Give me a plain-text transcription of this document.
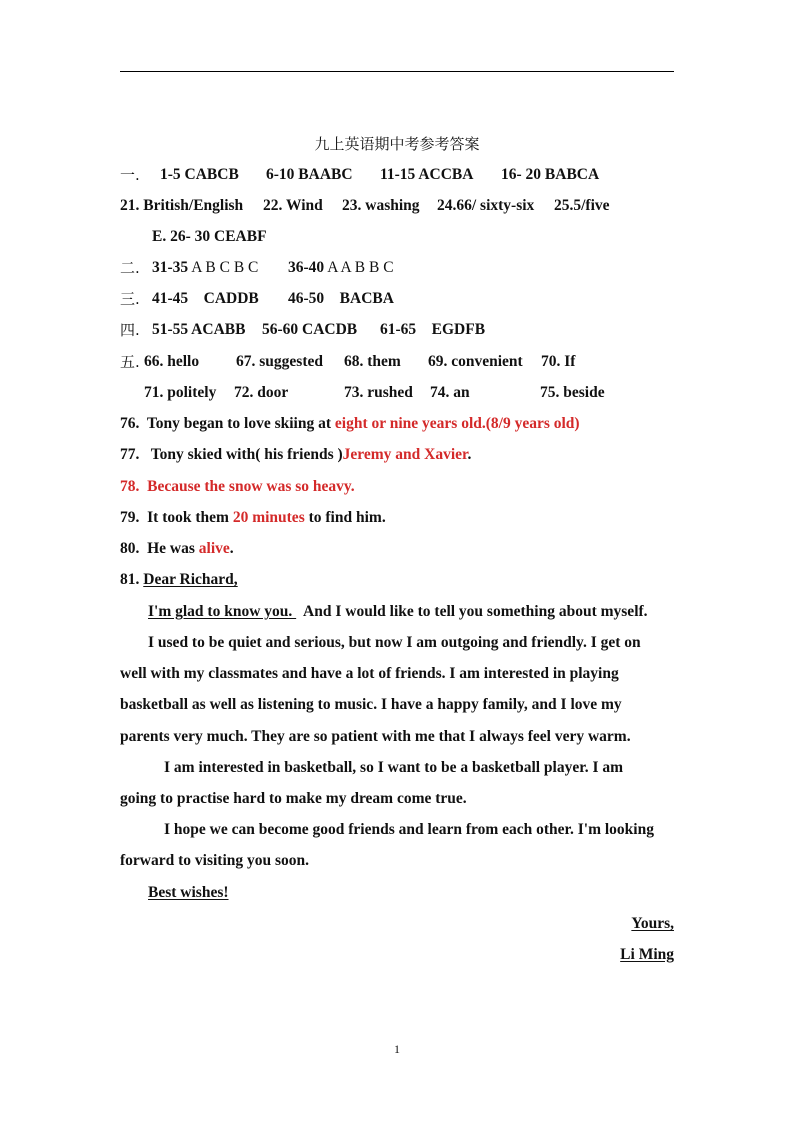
九上英语期中考参考答案
一. 1-5 CABCB 6-10 BAABC 11-15 ACCBA 16- 20 BABCA
21. British/English 22. Wind 23. washing 24.66/ sixty-six 25.5/five
E. 26- 30 CEABF
二. 31-35 A B C B C 36-40 A A B B C
三. 41-45    CADDB 46-50    BACBA
四. 51-55 ACABB 56-60 CACDB 61-65    EGDFB
五. 66. hello 67. suggested 68. them 69. convenient 70. If
71. politely 72. door	73. rushed 74. an	75. beside
76.  Tony began to love skiing at eight or nine years old.(8/9 years old)
77.   Tony skied with( his friends )Jeremy and Xavier.
78.  Because the snow was so heavy.
79.  It took them 20 minutes to find him.
80.  He was alive.
81. Dear Richard,
I'm glad to know you.   And I would like to tell you something about myself.
I used to be quiet and serious, but now I am outgoing and friendly. I get on
well with my classmates and have a lot of friends. I am interested in playing
basketball as well as listening to music. I have a happy family, and I love my
parents very much. They are so patient with me that I always feel very warm.
I am interested in basketball, so I want to be a basketball player. I am
going to practise hard to make my dream come true.
I hope we can become good friends and learn from each other. I'm looking
forward to visiting you soon.
Best wishes!
Yours,
Li Ming
1
